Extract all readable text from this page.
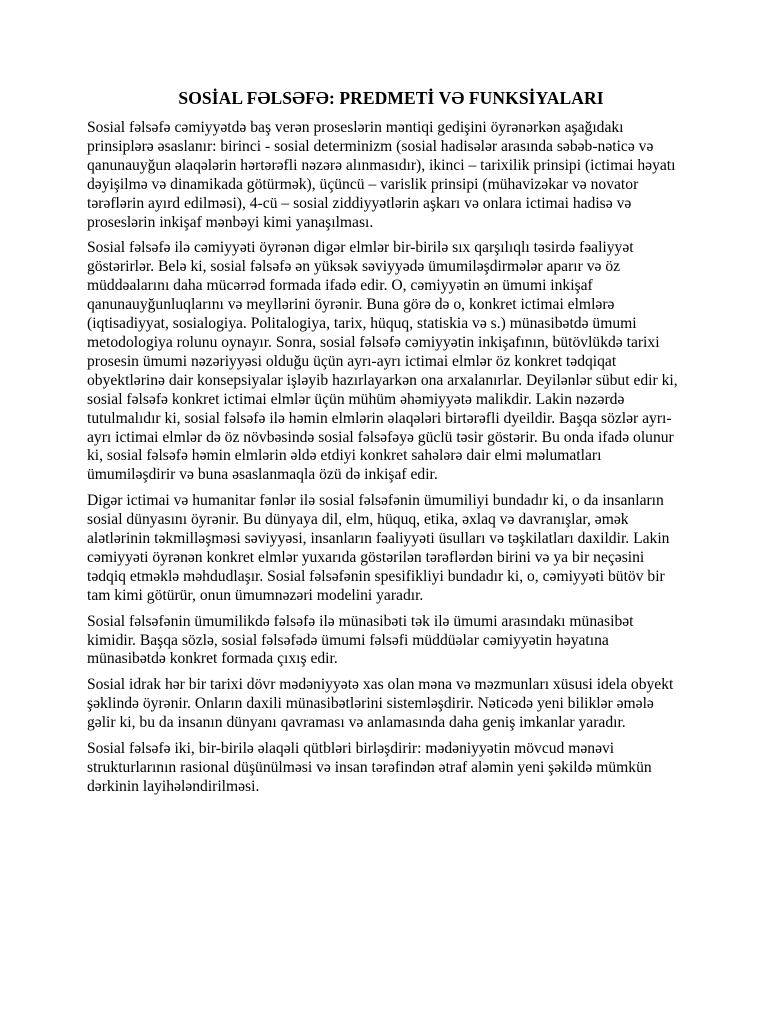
SOSİAL FƏLSƏFƏ: PREDMETİ VƏ FUNKSİYALARI

Sosial fəlsəfə cəmiyyətdə baş verən proseslərin məntiqi gedişini öyrənərkən aşağıdakı prinsiplərə əsaslanır: birinci - sosial determinizm (sosial hadisələr arasında səbəb-nəticə və qanunauyğun əlaqələrin hərtərəfli nəzərə alınmasıdır), ikinci – tarixilik prinsipi (ictimai həyatı dəyişilmə və dinamikada götürmək), üçüncü – varislik prinsipi (mühavizəkar və novator tərəflərin ayırd edilməsi), 4-cü – sosial ziddiyyətlərin aşkarı və onlara ictimai hadisə və proseslərin inkişaf mənbəyi kimi yanaşılması.

Sosial fəlsəfə ilə cəmiyyəti öyrənən digər elmlər bir-birilə sıx qarşılıqlı təsirdə fəaliyyət göstərirlər. Belə ki, sosial fəlsəfə ən yüksək səviyyədə ümumiləşdirmələr aparır və öz müddəalarını daha mücərrəd formada ifadə edir. O, cəmiyyətin ən ümumi inkişaf qanunauyğunluqlarını və meyllərini öyrənir. Buna görə də o, konkret ictimai elmlərə (iqtisadiyyat, sosialogiya. Politalogiya, tarix, hüquq, statiskia və s.) münasibətdə ümumi metodologiya rolunu oynayır. Sonra, sosial fəlsəfə cəmiyyətin inkişafının, bütövlükdə tarixi prosesin ümumi nəzəriyyəsi olduğu üçün ayrı-ayrı ictimai elmlər öz konkret tədqiqat obyektlərinə dair konsepsiyalar işləyib hazırlayarkən ona arxalanırlar. Deyilənlər sübut edir ki, sosial fəlsəfə konkret ictimai elmlər üçün mühüm əhəmiyyətə malikdir. Lakin nəzərdə tutulmalıdır ki, sosial fəlsəfə ilə həmin elmlərin əlaqələri birtərəfli dyeildir. Başqa sözlər ayrı-ayrı ictimai elmlər də öz növbəsində sosial fəlsəfəyə güclü təsir göstərir. Bu onda ifadə olunur ki, sosial fəlsəfə həmin elmlərin əldə etdiyi konkret sahələrə dair elmi məlumatları ümumiləşdirir və buna əsaslanmaqla özü də inkişaf edir.

Digər ictimai və humanitar fənlər ilə sosial fəlsəfənin ümumiliyi bundadır ki, o da insanların sosial dünyasını öyrənir. Bu dünyaya dil, elm, hüquq, etika, əxlaq və davranışlar, əmək alətlərinin təkmilləşməsi səviyyəsi, insanların fəaliyyəti üsulları və təşkilatları daxildir. Lakin cəmiyyəti öyrənən konkret elmlər yuxarıda göstərilən tərəflərdən birini və ya bir neçəsini tədqiq etməklə məhdudlaşır. Sosial fəlsəfənin spesifikliyi bundadır ki, o, cəmiyyəti bütöv bir tam kimi götürür, onun ümumnəzəri modelini yaradır.

Sosial fəlsəfənin ümumilikdə fəlsəfə ilə münasibəti tək ilə ümumi arasındakı münasibət kimidir. Başqa sözlə, sosial fəlsəfədə ümumi fəlsəfi müddüəlar cəmiyyətin həyatına münasibətdə konkret formada çıxış edir.

Sosial idrak hər bir tarixi dövr mədəniyyətə xas olan məna və məzmunları xüsusi idela obyekt şəklində öyrənir. Onların daxili münasibətlərini sistemləşdirir. Nəticədə yeni biliklər əmələ gəlir ki, bu da insanın dünyanı qavraması və anlamasında daha geniş imkanlar yaradır.

Sosial fəlsəfə iki, bir-birilə əlaqəli qütbləri birləşdirir: mədəniyyətin mövcud mənəvi strukturlarının rasional düşünülməsi və insan tərəfindən ətraf aləmin yeni şəkildə mümkün dərkinin layihələndirilməsi.
